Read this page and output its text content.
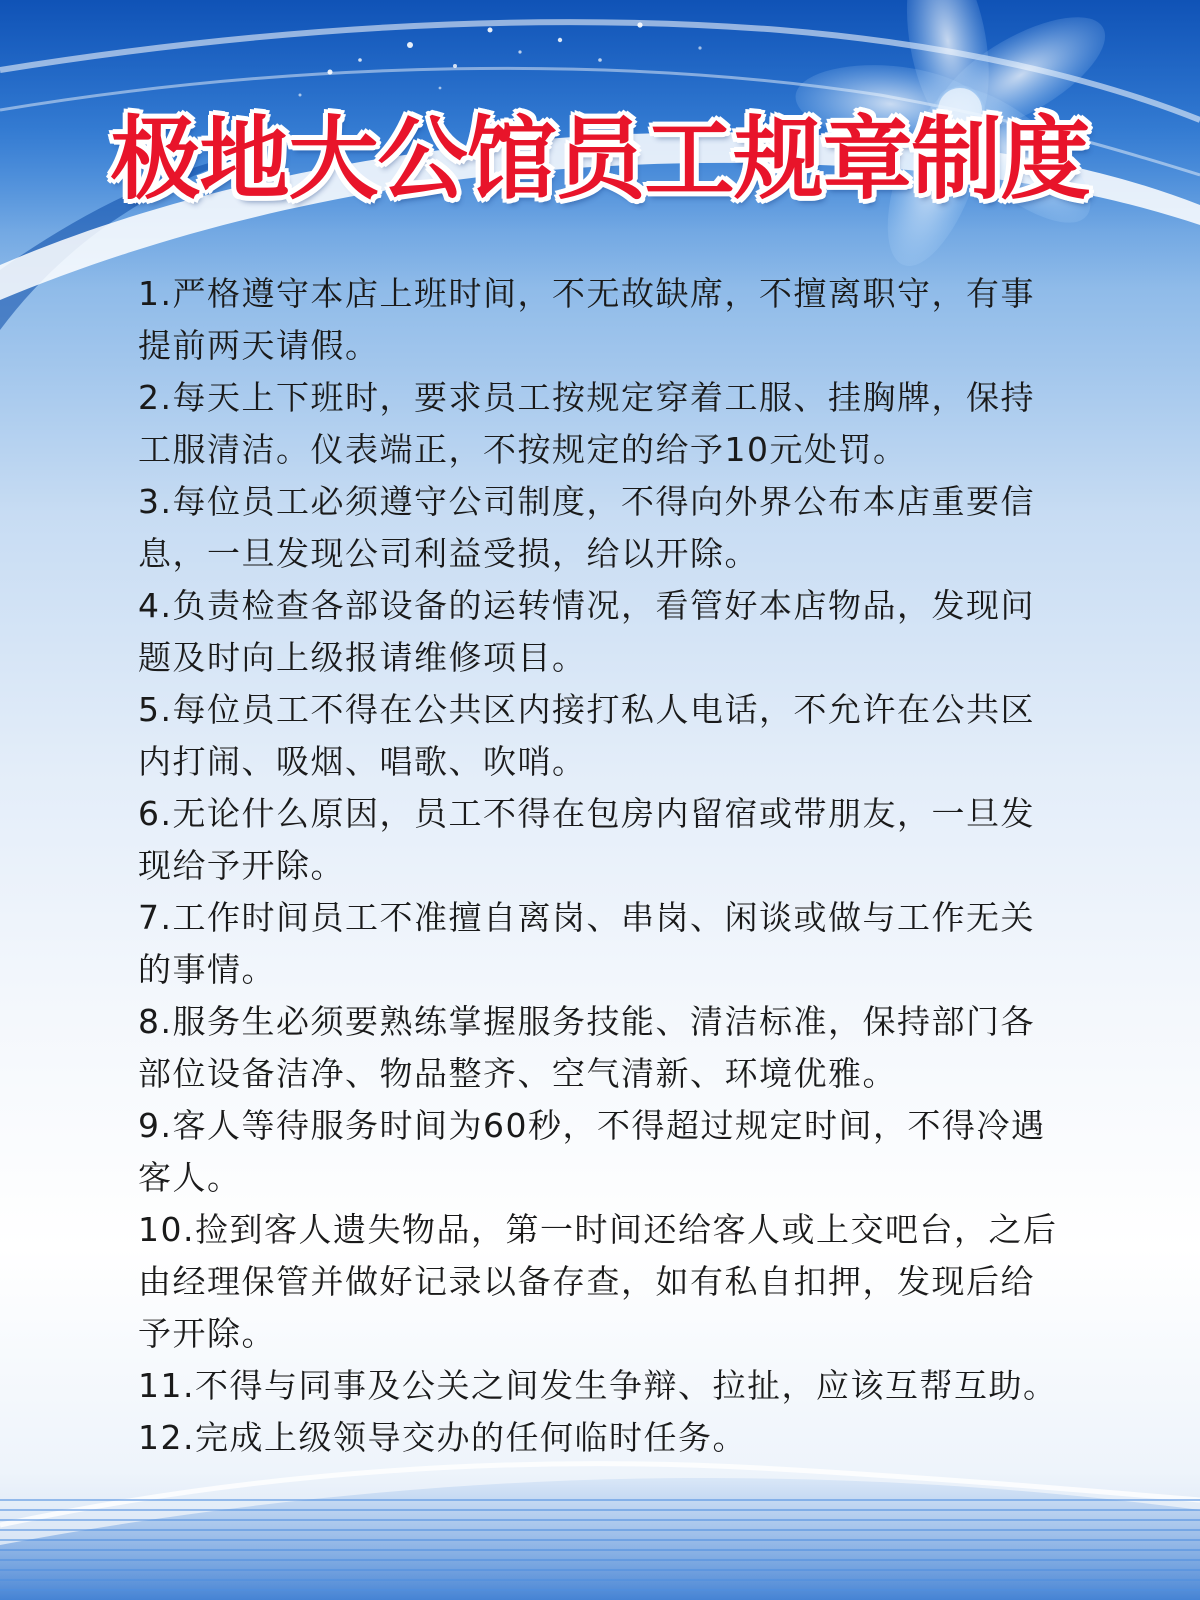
极地大公馆员工规章制度
1.严格遵守本店上班时间，不无故缺席，不擅离职守，有事提前两天请假。
2.每天上下班时，要求员工按规定穿着工服、挂胸牌，保持工服清洁。仪表端正，不按规定的给予10元处罚。
3.每位员工必须遵守公司制度，不得向外界公布本店重要信息，一旦发现公司利益受损，给以开除。
4.负责检查各部设备的运转情况，看管好本店物品，发现问题及时向上级报请维修项目。
5.每位员工不得在公共区内接打私人电话，不允许在公共区内打闹、吸烟、唱歌、吹哨。
6.无论什么原因，员工不得在包房内留宿或带朋友，一旦发现给予开除。
7.工作时间员工不准擅自离岗、串岗、闲谈或做与工作无关的事情。
8.服务生必须要熟练掌握服务技能、清洁标准，保持部门各部位设备洁净、物品整齐、空气清新、环境优雅。
9.客人等待服务时间为60秒，不得超过规定时间，不得冷遇客人。
10.捡到客人遗失物品，第一时间还给客人或上交吧台，之后由经理保管并做好记录以备存查，如有私自扣押，发现后给予开除。
11.不得与同事及公关之间发生争辩、拉扯，应该互帮互助。
12.完成上级领导交办的任何临时任务。
